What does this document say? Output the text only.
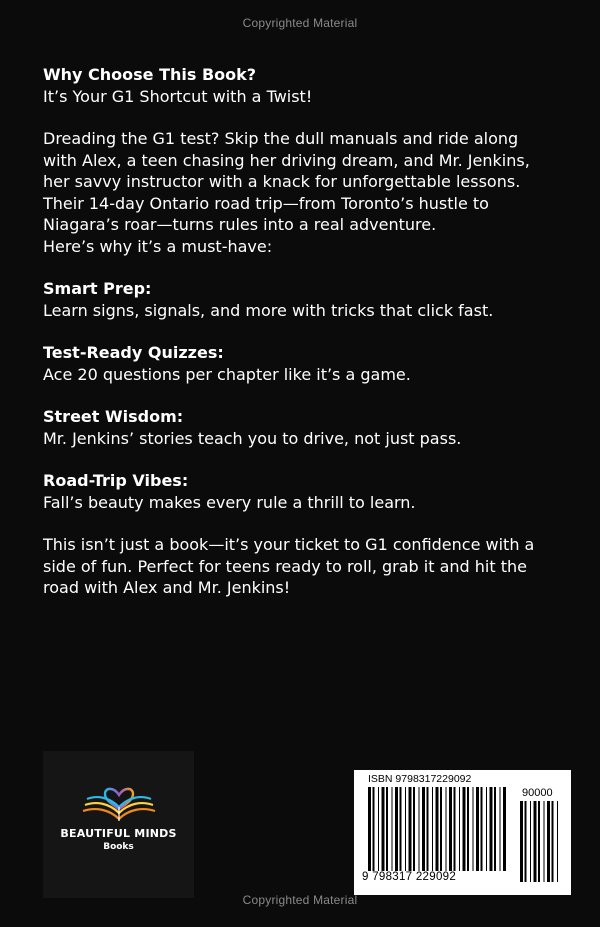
Copyrighted Material

Why Choose This Book?

It’s Your G1 Shortcut with a Twist!

Dreading the G1 test? Skip the dull manuals and ride along

with Alex, a teen chasing her driving dream, and Mr. Jenkins,

her savvy instructor with a knack for unforgettable lessons.

Their 14-day Ontario road trip—from Toronto’s hustle to

Niagara’s roar—turns rules into a real adventure.

Here’s why it’s a must-have:

Smart Prep:

Learn signs, signals, and more with tricks that click fast.

Test-Ready Quizzes:

Ace 20 questions per chapter like it’s a game.

Street Wisdom:

Mr. Jenkins’ stories teach you to drive, not just pass.

Road-Trip Vibes:

Fall’s beauty makes every rule a thrill to learn.

This isn’t just a book—it’s your ticket to G1 confidence with a

side of fun. Perfect for teens ready to roll, grab it and hit the

road with Alex and Mr. Jenkins!

BEAUTIFUL MINDS
Books
ISBN 9798317229092
90000
9 798317 229092
Copyrighted Material
